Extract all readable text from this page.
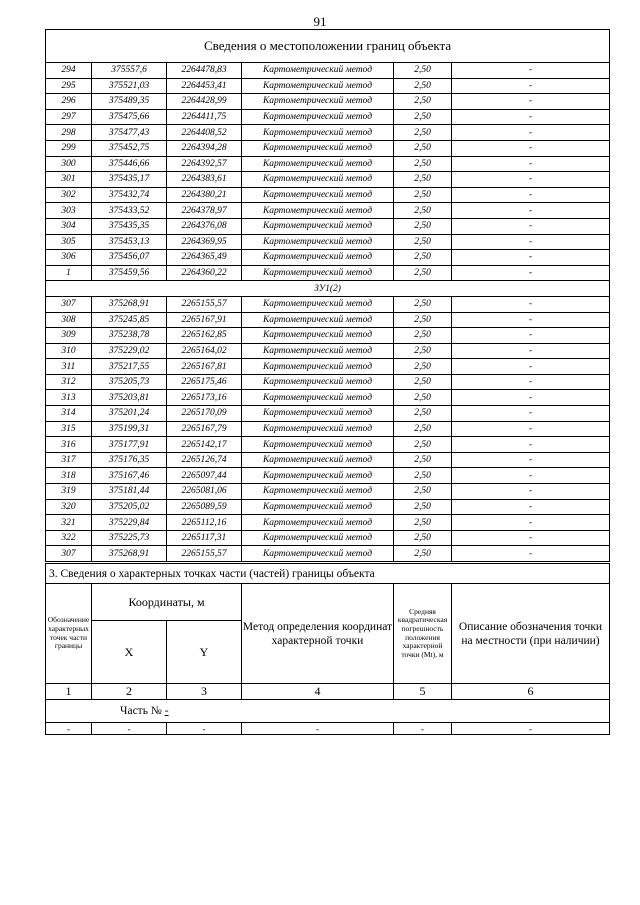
91
Сведения о местоположении границ объекта					
294	375557,6	2264478,83	Картометрический метод	2,50	-
295	375521,03	2264453,41	Картометрический метод	2,50	-
296	375489,35	2264428,99	Картометрический метод	2,50	-
297	375475,66	2264411,75	Картометрический метод	2,50	-
298	375477,43	2264408,52	Картометрический метод	2,50	-
299	375452,75	2264394,28	Картометрический метод	2,50	-
300	375446,66	2264392,57	Картометрический метод	2,50	-
301	375435,17	2264383,61	Картометрический метод	2,50	-
302	375432,74	2264380,21	Картометрический метод	2,50	-
303	375433,52	2264378,97	Картометрический метод	2,50	-
304	375435,35	2264376,08	Картометрический метод	2,50	-
305	375453,13	2264369,95	Картометрический метод	2,50	-
306	375456,07	2264365,49	Картометрический метод	2,50	-
1	375459,56	2264360,22	Картометрический метод	2,50	-
ЗУ1(2)					
307	375268,91	2265155,57	Картометрический метод	2,50	-
308	375245,85	2265167,91	Картометрический метод	2,50	-
309	375238,78	2265162,85	Картометрический метод	2,50	-
310	375229,02	2265164,02	Картометрический метод	2,50	-
311	375217,55	2265167,81	Картометрический метод	2,50	-
312	375205,73	2265175,46	Картометрический метод	2,50	-
313	375203,81	2265173,16	Картометрический метод	2,50	-
314	375201,24	2265170,09	Картометрический метод	2,50	-
315	375199,31	2265167,79	Картометрический метод	2,50	-
316	375177,91	2265142,17	Картометрический метод	2,50	-
317	375176,35	2265126,74	Картометрический метод	2,50	-
318	375167,46	2265097,44	Картометрический метод	2,50	-
319	375181,44	2265081,06	Картометрический метод	2,50	-
320	375205,02	2265089,59	Картометрический метод	2,50	-
321	375229,84	2265112,16	Картометрический метод	2,50	-
322	375225,73	2265117,31	Картометрический метод	2,50	-
307	375268,91	2265155,57	Картометрический метод	2,50	-
3. Сведения о характерных точках части (частей) границы объекта					
Обозначение характерных точек части границы	Координаты, м		Метод определения координат характерной точки	Средняя квадратическая погрешность положения характерной точки (Mt), м	Описание обозначения точки на местности (при наличии)
	X	Y			
1	2	3	4	5	6
Часть № -					
-	-	-	-	-	-
